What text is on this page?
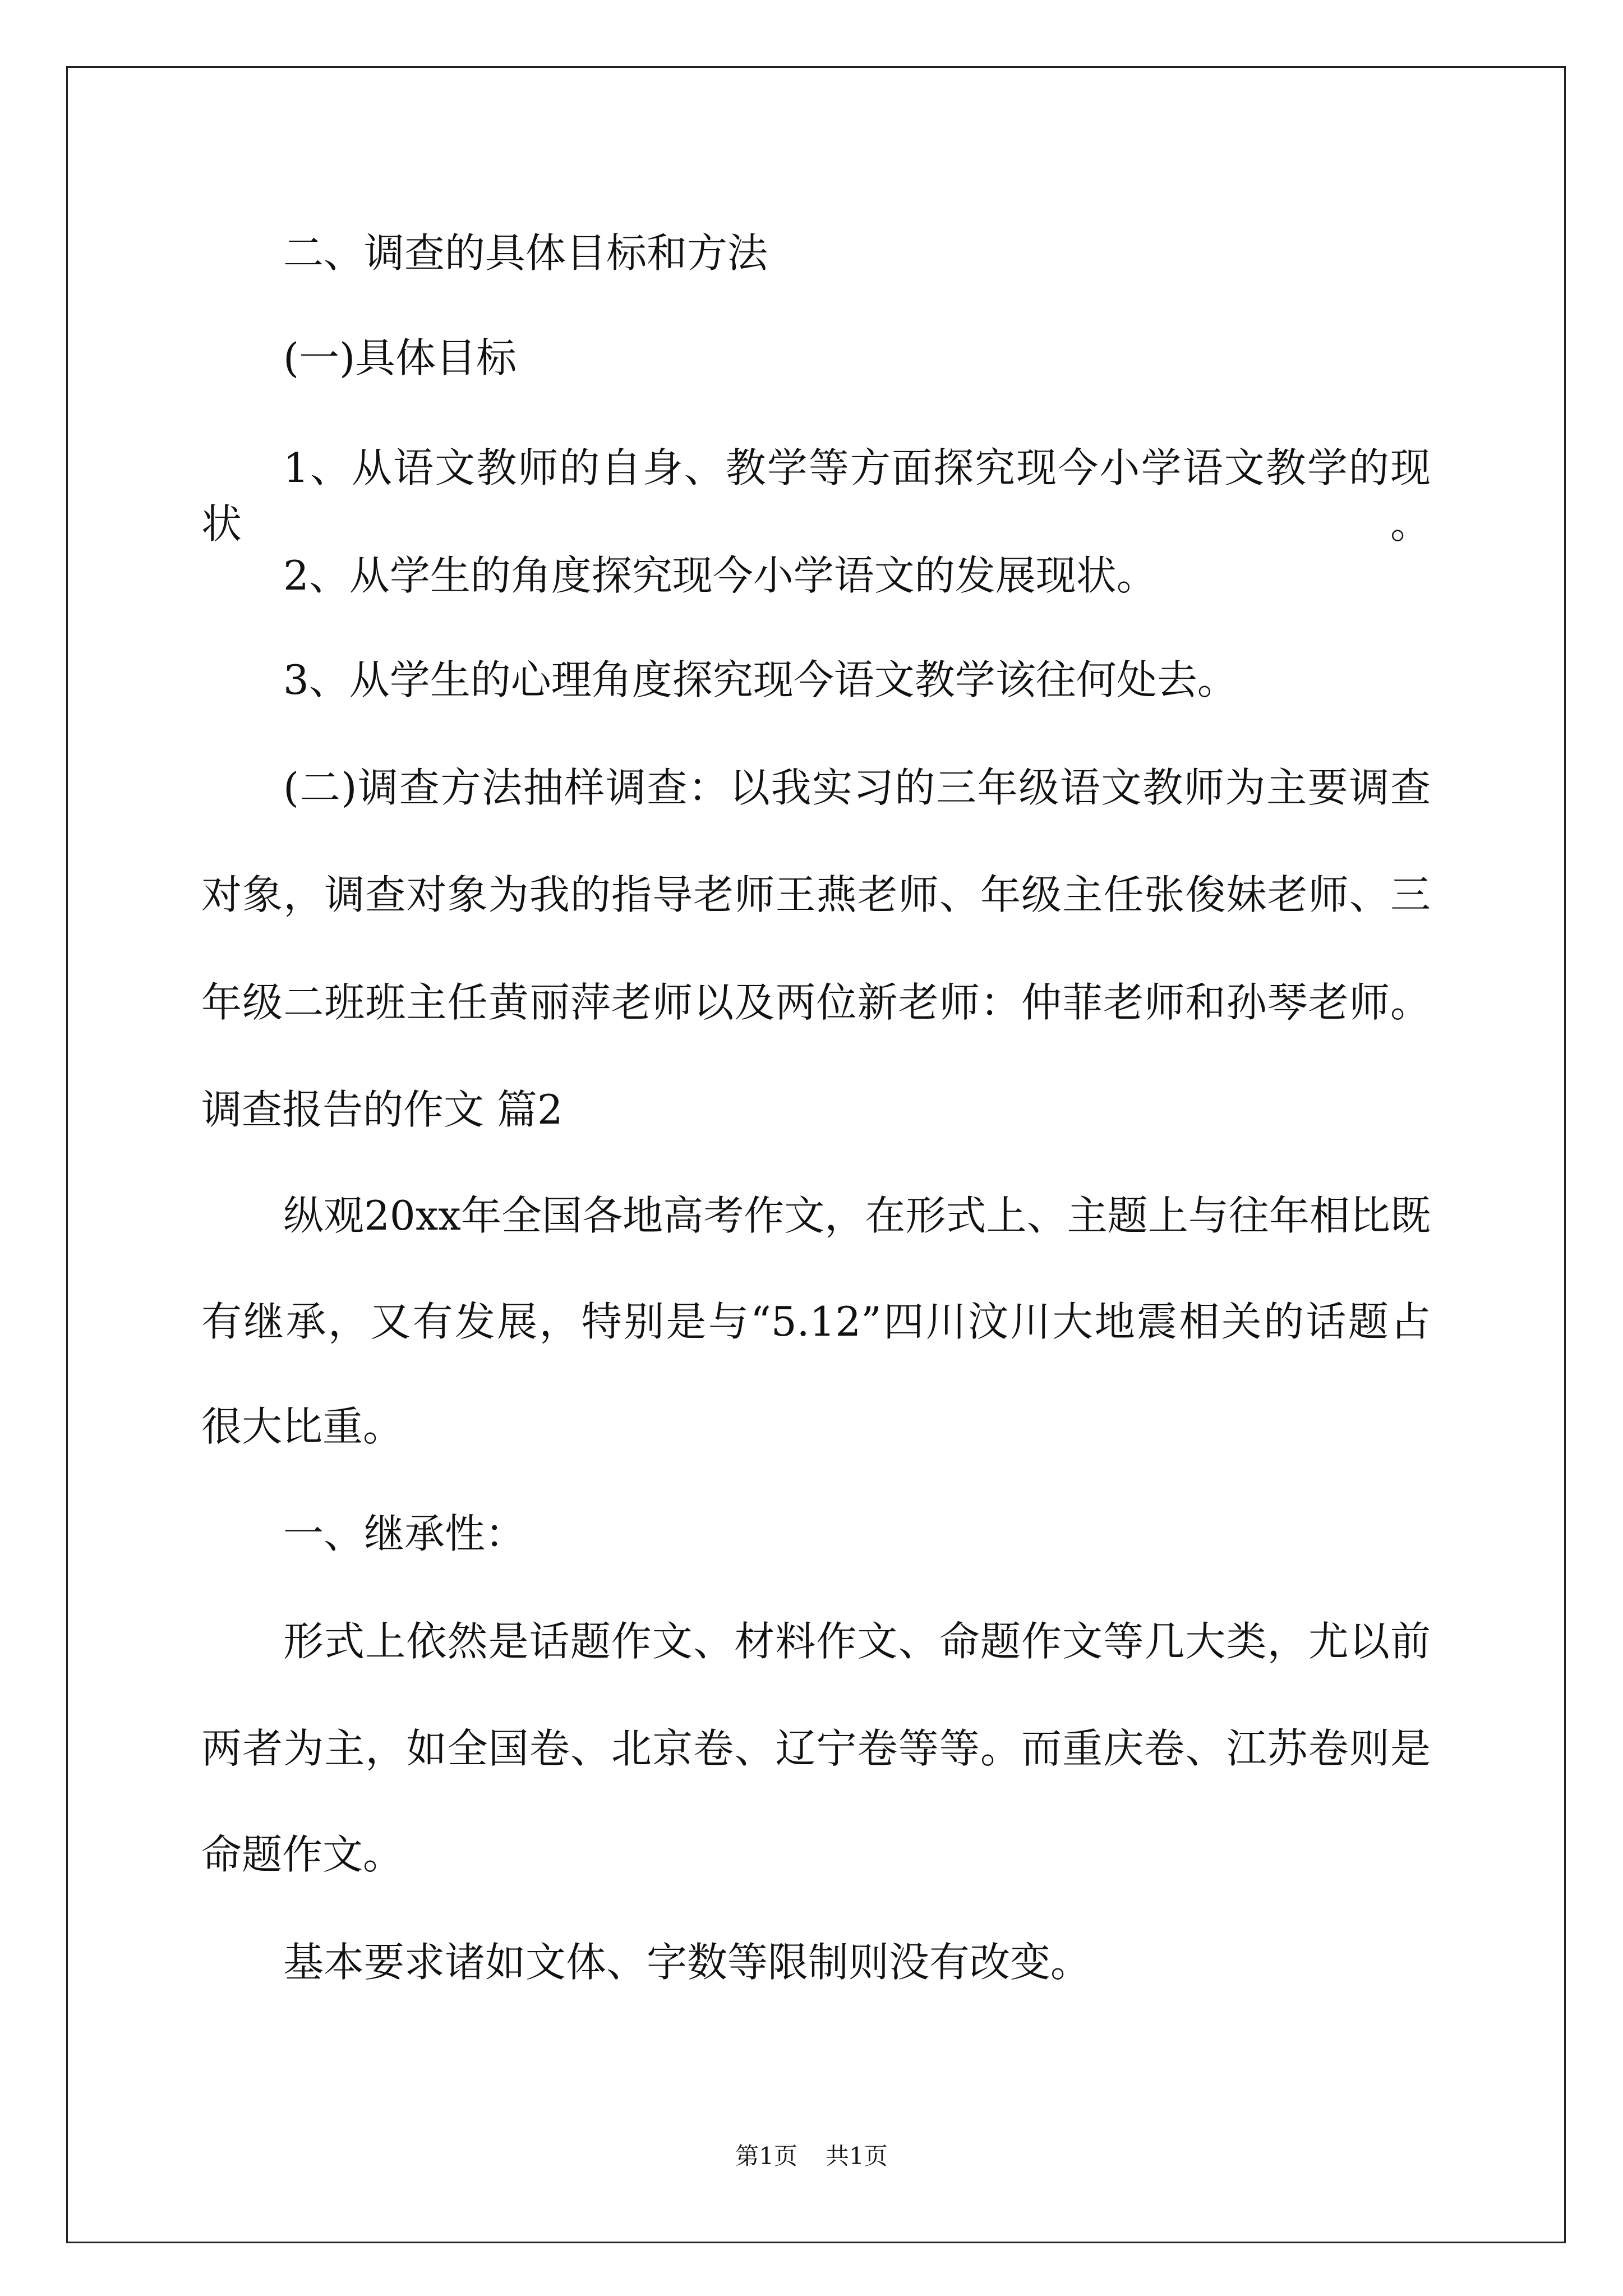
二、调查的具体目标和方法
(一)具体目标
1、从语文教师的自身、教学等方面探究现今小学语文教学的现状。
2、从学生的角度探究现今小学语文的发展现状。
3、从学生的心理角度探究现今语文教学该往何处去。
(二)调查方法抽样调查：以我实习的三年级语文教师为主要调查
对象，调查对象为我的指导老师王燕老师、年级主任张俊妹老师、三
年级二班班主任黄丽萍老师以及两位新老师：仲菲老师和孙琴老师。
调查报告的作文 篇2
纵观20xx年全国各地高考作文，在形式上、主题上与往年相比既
有继承，又有发展，特别是与“5.12”四川汶川大地震相关的话题占
很大比重。
一、继承性：
形式上依然是话题作文、材料作文、命题作文等几大类，尤以前
两者为主，如全国卷、北京卷、辽宁卷等等。而重庆卷、江苏卷则是
命题作文。
基本要求诸如文体、字数等限制则没有改变。
第1页 共1页
